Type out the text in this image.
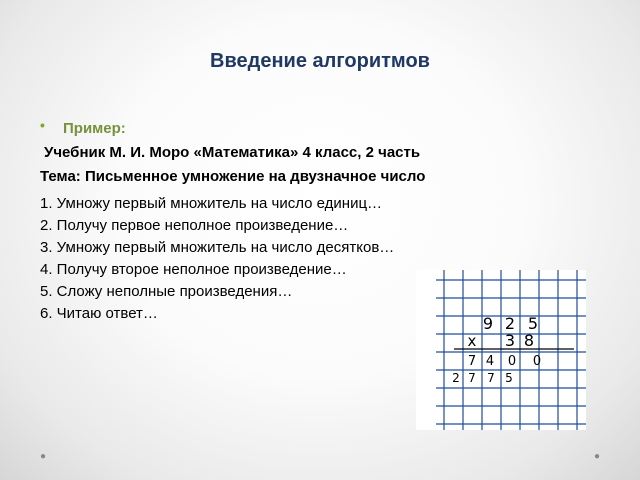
Введение алгоритмов
• Пример:
Учебник М. И. Моро «Математика» 4 класс, 2 часть
Тема: Письменное умножение на двузначное число
1. Умножу первый множитель на число единиц…
2. Получу первое неполное произведение…
3. Умножу первый множитель на число десятков…
4. Получу второе неполное произведение…
5. Сложу неполные произведения…
6. Читаю ответ…
9 2 5
x 3 8
7 4 0 0
2 7 7 5
●	●
